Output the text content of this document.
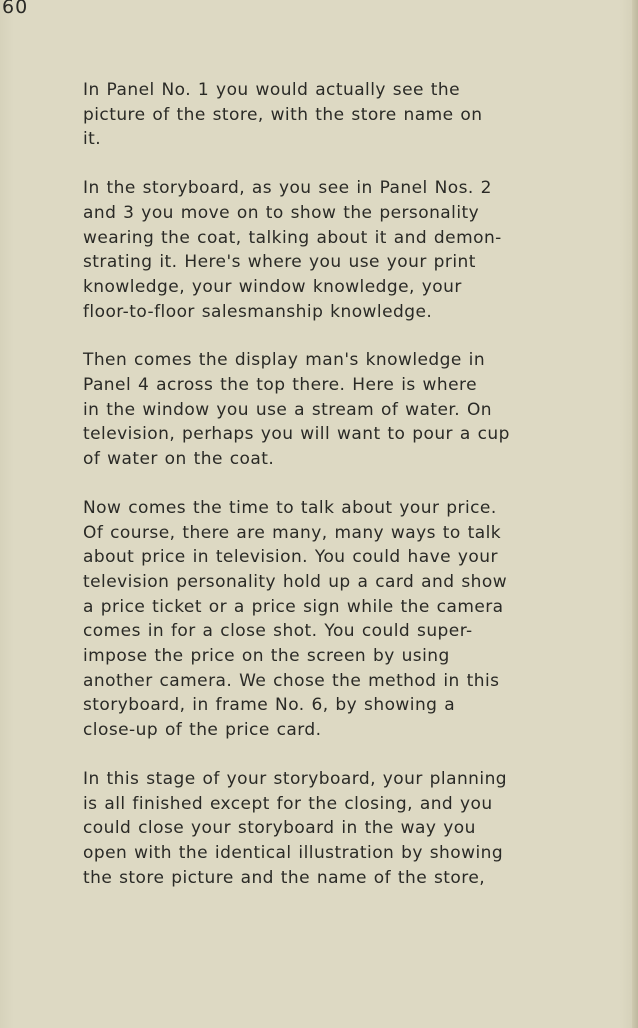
60
In Panel No. 1 you would actually see the
picture of the store, with the store name on
it.
In the storyboard, as you see in Panel Nos. 2
and 3 you move on to show the personality
wearing the coat, talking about it and demon-
strating it. Here's where you use your print
knowledge, your window knowledge, your
floor-to-floor salesmanship knowledge.
Then comes the display man's knowledge in
Panel 4 across the top there. Here is where
in the window you use a stream of water. On
television, perhaps you will want to pour a cup
of water on the coat.
Now comes the time to talk about your price.
Of course, there are many, many ways to talk
about price in television. You could have your
television personality hold up a card and show
a price ticket or a price sign while the camera
comes in for a close shot. You could super-
impose the price on the screen by using
another camera. We chose the method in this
storyboard, in frame No. 6, by showing a
close-up of the price card.
In this stage of your storyboard, your planning
is all finished except for the closing, and you
could close your storyboard in the way you
open with the identical illustration by showing
the store picture and the name of the store,
